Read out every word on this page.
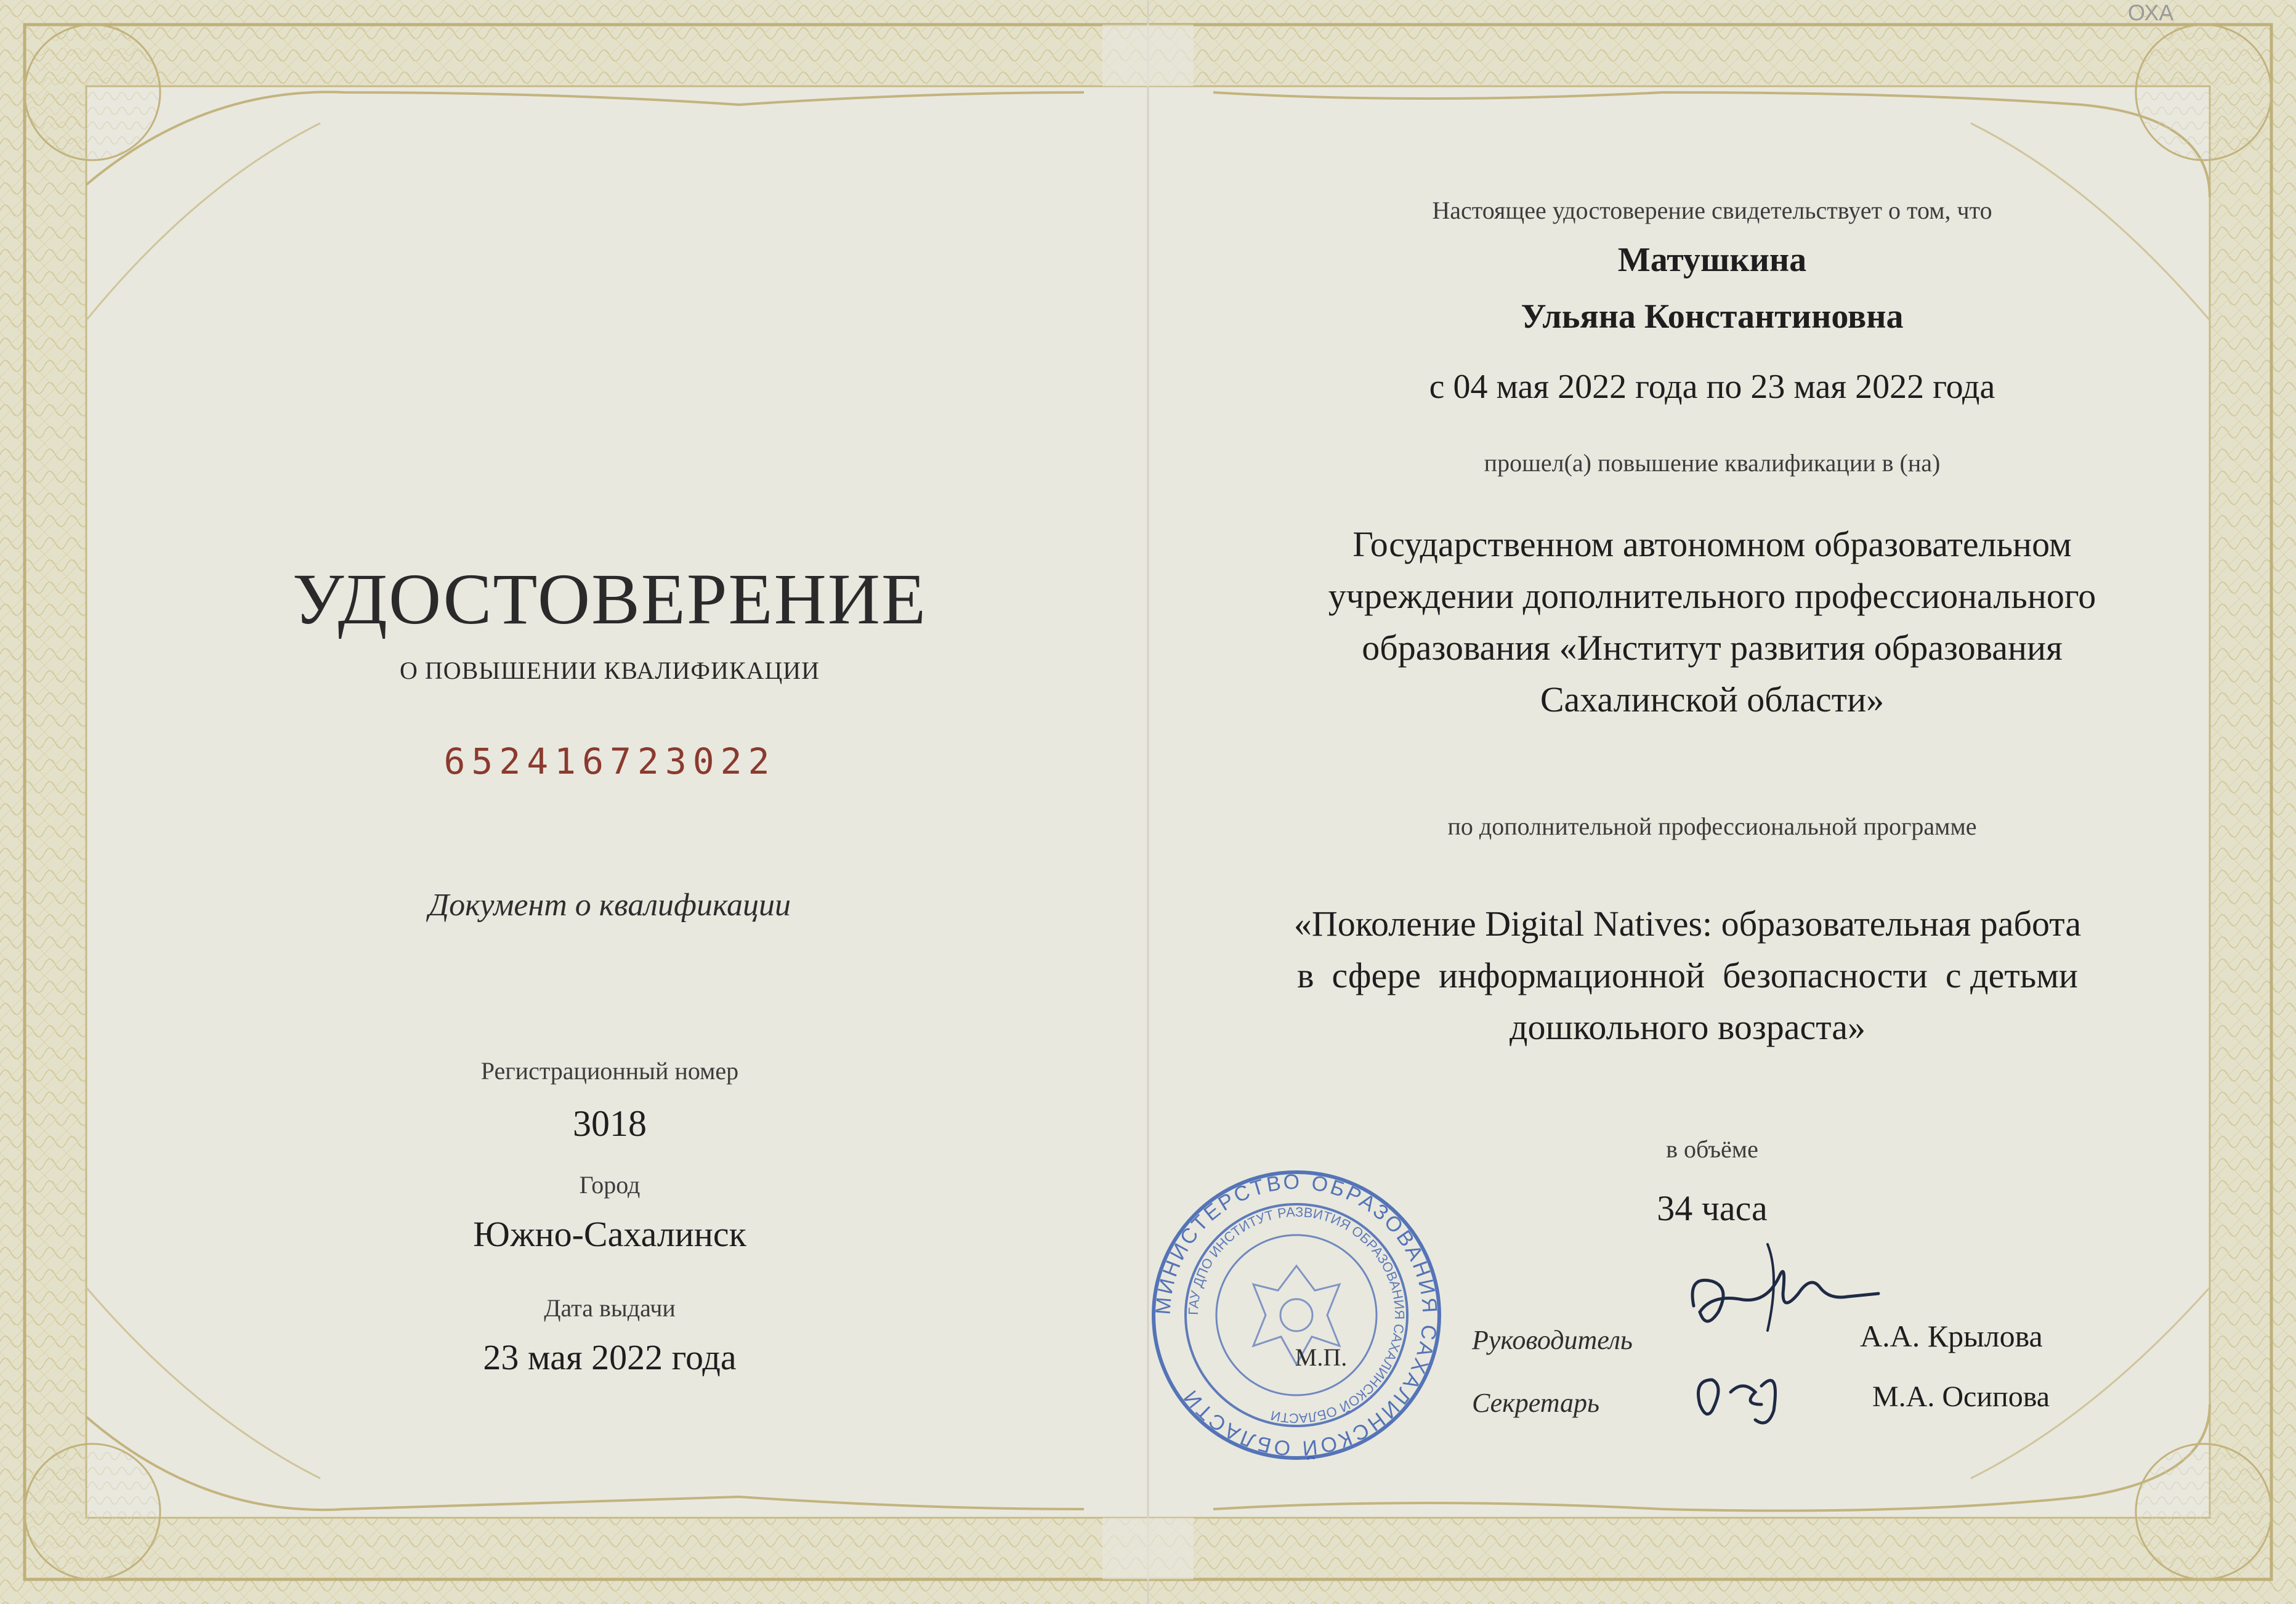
ОХА
УДОСТОВЕРЕНИЕ
О ПОВЫШЕНИИ КВАЛИФИКАЦИИ
652416723022
Документ о квалификации
Регистрационный номер
3018
Город
Южно-Сахалинск
Дата выдачи
23 мая 2022 года
Настоящее удостоверение свидетельствует о том, что
Матушкина
Ульяна Константиновна
с 04 мая 2022 года по 23 мая 2022 года
прошел(а) повышение квалификации в (на)
Государственном автономном образовательном
учреждении дополнительного профессионального
образования «Институт развития образования
Сахалинской области»
по дополнительной профессиональной программе
«Поколение Digital Natives: образовательная работа
в  сфере  информационной  безопасности  с детьми
дошкольного возраста»
в объёме
34 часа
МИНИСТЕРСТВО ОБРАЗОВАНИЯ САХАЛИНСКОЙ ОБЛАСТИ
ГАУ ДПО ИНСТИТУТ РАЗВИТИЯ ОБРАЗОВАНИЯ САХАЛИНСКОЙ ОБЛАСТИ
М.П.
Руководитель	А.А. Крылова
Секретарь	М.А. Осипова
